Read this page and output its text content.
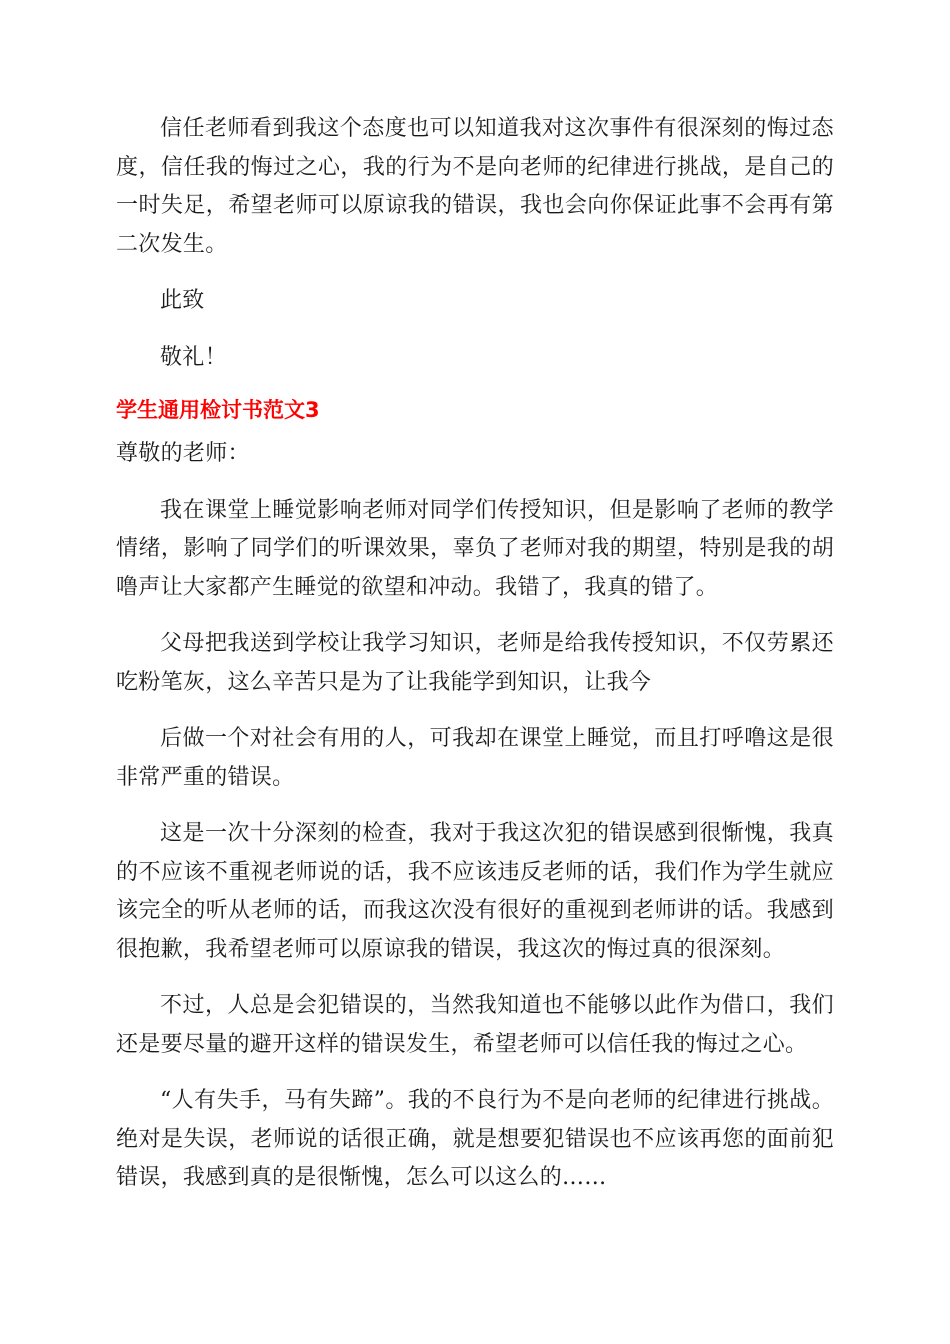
信任老师看到我这个态度也可以知道我对这次事件有很深刻的悔过态度，信任我的悔过之心，我的行为不是向老师的纪律进行挑战，是自己的一时失足，希望老师可以原谅我的错误，我也会向你保证此事不会再有第二次发生。

此致

敬礼！

学生通用检讨书范文3

尊敬的老师：

我在课堂上睡觉影响老师对同学们传授知识，但是影响了老师的教学情绪，影响了同学们的听课效果，辜负了老师对我的期望，特别是我的胡噜声让大家都产生睡觉的欲望和冲动。我错了，我真的错了。

父母把我送到学校让我学习知识，老师是给我传授知识，不仅劳累还吃粉笔灰，这么辛苦只是为了让我能学到知识，让我今

后做一个对社会有用的人，可我却在课堂上睡觉，而且打呼噜这是很非常严重的错误。

这是一次十分深刻的检查，我对于我这次犯的错误感到很惭愧，我真的不应该不重视老师说的话，我不应该违反老师的话，我们作为学生就应该完全的听从老师的话，而我这次没有很好的重视到老师讲的话。我感到很抱歉，我希望老师可以原谅我的错误，我这次的悔过真的很深刻。

不过，人总是会犯错误的，当然我知道也不能够以此作为借口，我们还是要尽量的避开这样的错误发生，希望老师可以信任我的悔过之心。

“人有失手，马有失蹄”。我的不良行为不是向老师的纪律进行挑战。绝对是失误，老师说的话很正确，就是想要犯错误也不应该再您的面前犯错误，我感到真的是很惭愧，怎么可以这么的……
